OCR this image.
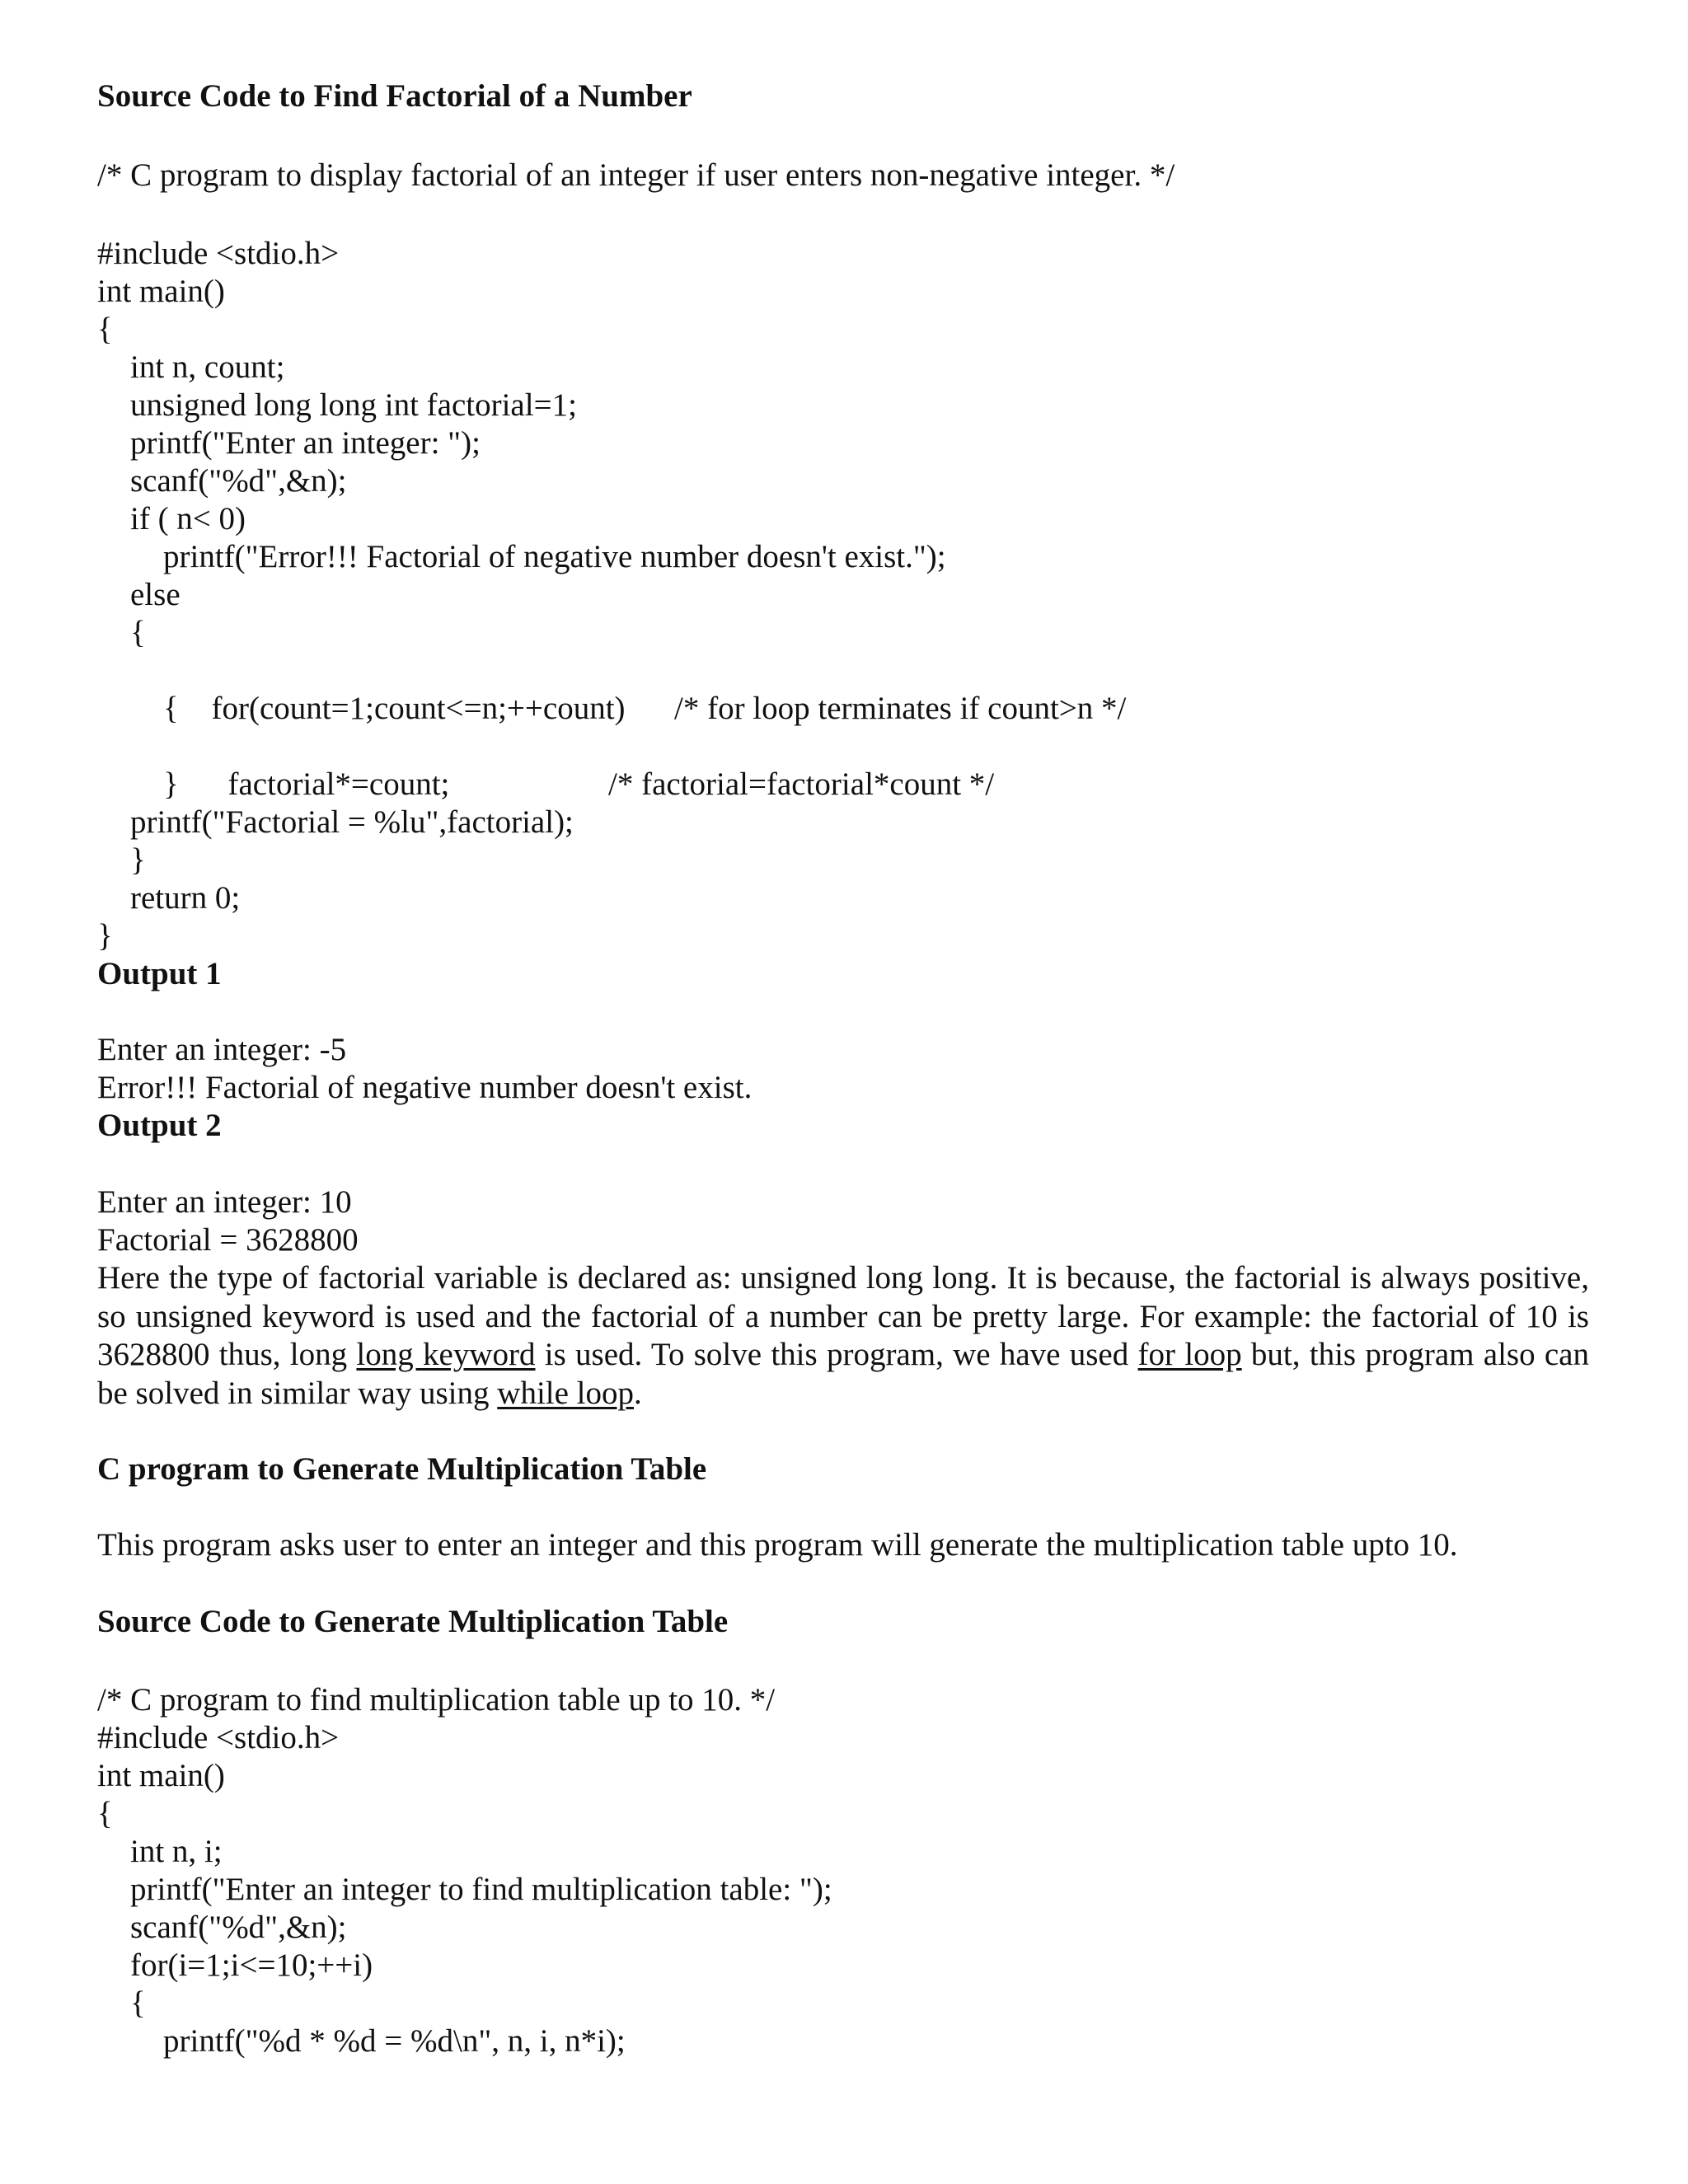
Source Code to Find Factorial of a Number
/* C program to display factorial of an integer if user enters non-negative integer. */
#include <stdio.h>
int main()
{
int n, count;
unsigned long long int factorial=1;
printf("Enter an integer: ");
scanf("%d",&n);
if ( n< 0)
printf("Error!!! Factorial of negative number doesn't exist.");
else
{

for(count=1;count<=n;++count) /* for loop terminates if count>n */

{

factorial*=count;	/* factorial=factorial*count */

}
printf("Factorial = %lu",factorial);
}
return 0;
}
Output 1
Enter an integer: -5
Error!!! Factorial of negative number doesn't exist.
Output 2
Enter an integer: 10
Factorial = 3628800
Here the type of factorial variable is declared as: unsigned long long. It is because, the factorial is always positive, so unsigned keyword is used and the factorial of a number can be pretty large. For example: the factorial of 10 is 3628800 thus, long long keyword is used. To solve this program, we have used for loop but, this program also can be solved in similar way using while loop.
C program to Generate Multiplication Table
This program asks user to enter an integer and this program will generate the multiplication table upto 10.
Source Code to Generate Multiplication Table
/* C program to find multiplication table up to 10. */
#include <stdio.h>
int main()
{
int n, i;
printf("Enter an integer to find multiplication table: ");
scanf("%d",&n);
for(i=1;i<=10;++i)
{
printf("%d * %d = %d\n", n, i, n*i);
